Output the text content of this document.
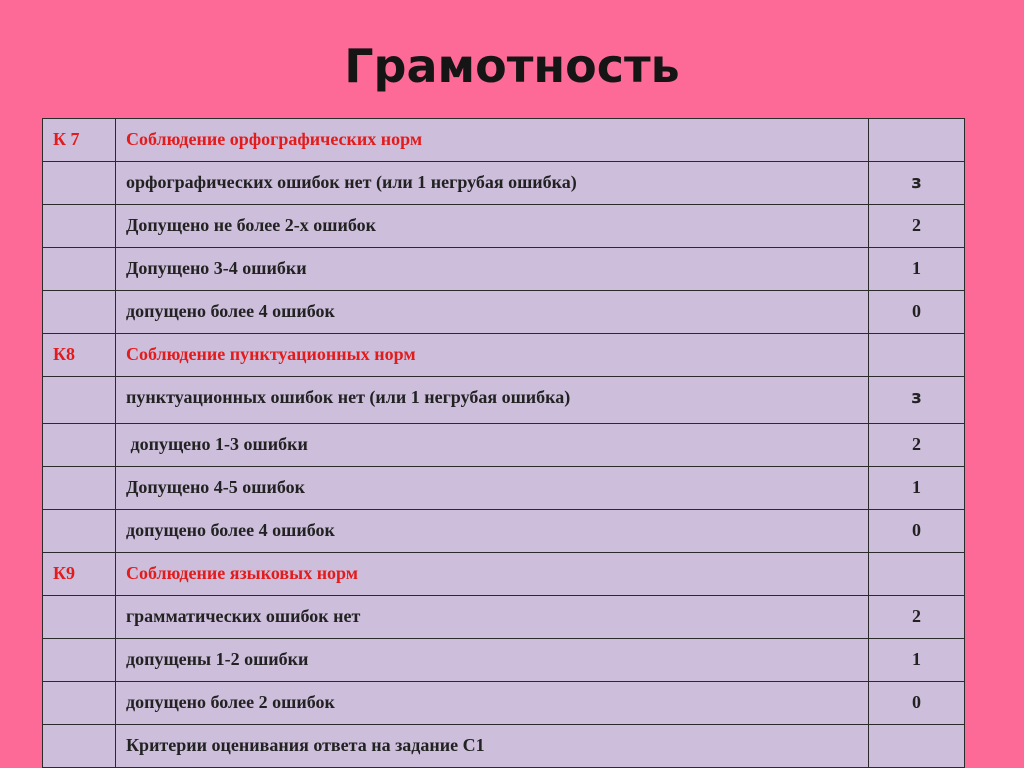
Грамотность
К 7	Соблюдение орфографических норм	
	орфографических ошибок нет (или 1 негрубая ошибка)	з
	Допущено не более 2-х ошибок	2
	Допущено 3-4 ошибки	1
	допущено более 4 ошибок	0
К8	Соблюдение пунктуационных норм	
	пунктуационных ошибок нет (или 1 негрубая ошибка)	з
	допущено 1-3 ошибки	2
	Допущено 4-5 ошибок	1
	допущено более 4 ошибок	0
К9	Соблюдение языковых норм	
	грамматических ошибок нет	2
	допущены 1-2 ошибки	1
	допущено более 2 ошибок	0
	Критерии оценивания ответа на задание С1	
